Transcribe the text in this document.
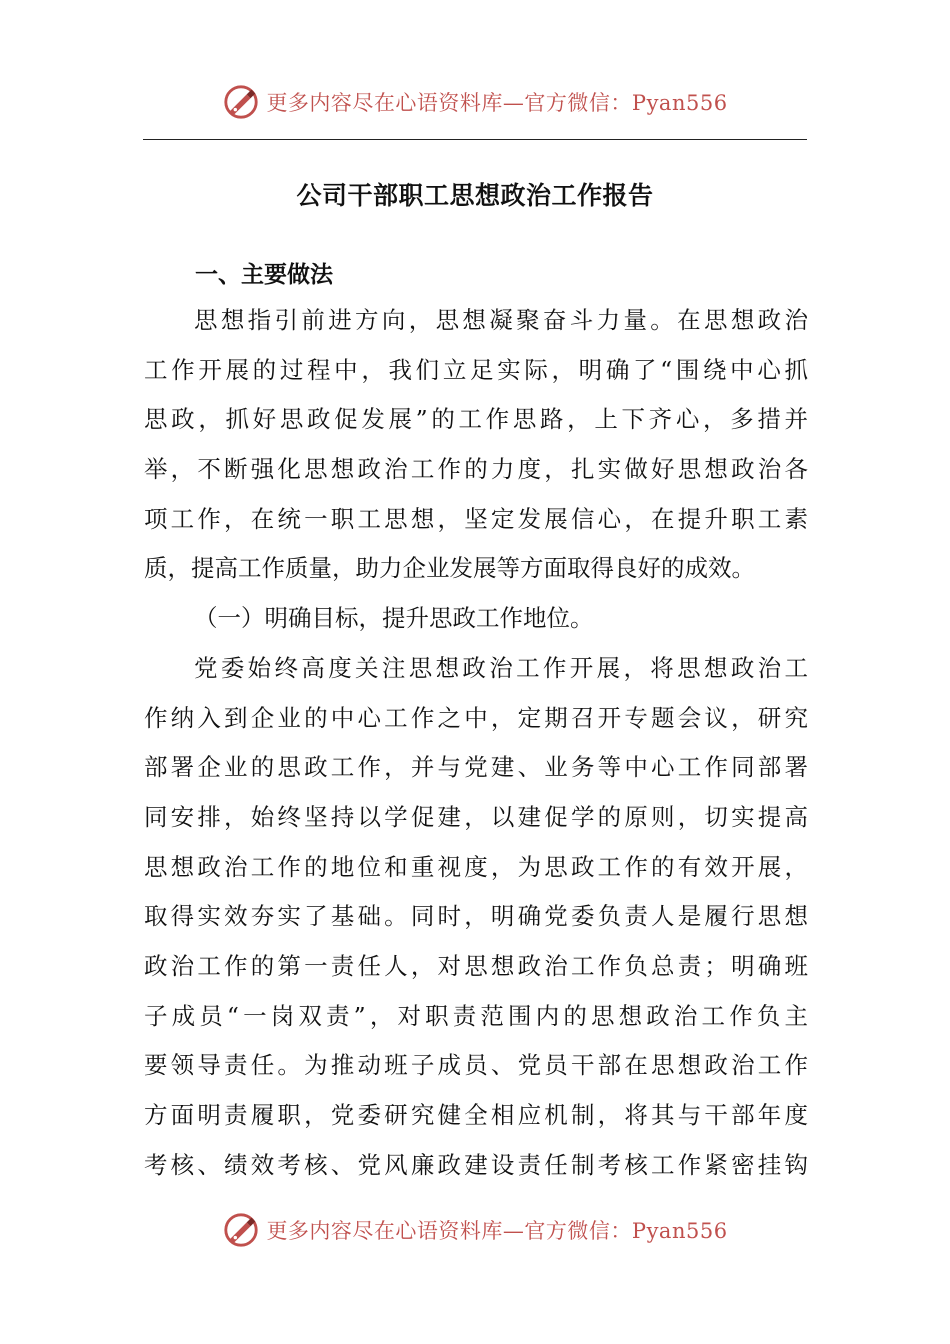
更多内容尽在心语资料库—官方微信：Pyan556
公司干部职工思想政治工作报告
一、主要做法
思想指引前进方向，思想凝聚奋斗力量。在思想政治
工作开展的过程中，我们立足实际，明确了“围绕中心抓
思政，抓好思政促发展”的工作思路，上下齐心，多措并
举，不断强化思想政治工作的力度，扎实做好思想政治各
项工作，在统一职工思想，坚定发展信心，在提升职工素
质，提高工作质量，助力企业发展等方面取得良好的成效。
（一）明确目标，提升思政工作地位。
党委始终高度关注思想政治工作开展，将思想政治工
作纳入到企业的中心工作之中，定期召开专题会议，研究
部署企业的思政工作，并与党建、业务等中心工作同部署
同安排，始终坚持以学促建，以建促学的原则，切实提高
思想政治工作的地位和重视度，为思政工作的有效开展，
取得实效夯实了基础。同时，明确党委负责人是履行思想
政治工作的第一责任人，对思想政治工作负总责；明确班
子成员“一岗双责”，对职责范围内的思想政治工作负主
要领导责任。为推动班子成员、党员干部在思想政治工作
方面明责履职，党委研究健全相应机制，将其与干部年度
考核、绩效考核、党风廉政建设责任制考核工作紧密挂钩
更多内容尽在心语资料库—官方微信：Pyan556
